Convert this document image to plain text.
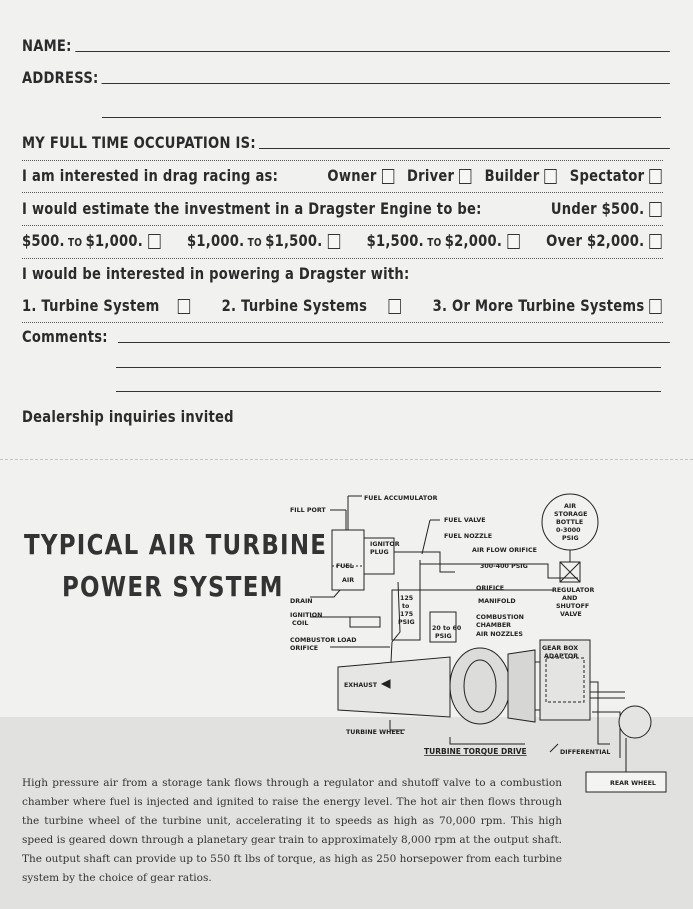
NAME:
ADDRESS:
MY FULL TIME OCCUPATION IS:
I am interested in drag racing as:	Owner	Driver	Builder	Spectator
I would estimate the investment in a Dragster Engine to be:	Under $500.
$500. TO $1,000.	$1,000. TO $1,500.	$1,500. TO $2,000.	Over $2,000.
I would be interested in powering a Dragster with:
1. Turbine System	2. Turbine Systems	3. Or More Turbine Systems
Comments:
Dealership inquiries invited
TYPICAL AIR TURBINE
POWER SYSTEM
FUEL ACCUMULATOR
FILL PORT
FUEL VALVE
FUEL NOZZLE
AIR FLOW ORIFICE
IGNITOR
PLUG
FUEL
AIR
300-400 PSIG
AIR
STORAGE
BOTTLE
0-3000
PSIG
ORIFICE	REGULATOR
AND
SHUTOFF
VALVE
DRAIN	MANIFOLD
IGNITION
COIL
125
to
175
PSIG
COMBUSTION
CHAMBER
20 to 60
PSIG
COMBUSTOR LOAD
ORIFICE
AIR NOZZLES
GEAR BOX
ADAPTOR
EXHAUST
TURBINE WHEEL
TURBINE TORQUE DRIVE	DIFFERENTIAL
REAR WHEEL
High pressure air from a storage tank flows through a regulator and shutoff valve to a combustion chamber where fuel is injected and ignited to raise the energy level. The hot air then flows through the turbine wheel of the turbine unit, accelerating it to speeds as high as 70,000 rpm. This high speed is geared down through a planetary gear train to approximately 8,000 rpm at the output shaft. The output shaft can provide up to 550 ft lbs of torque, as high as 250 horsepower from each turbine system by the choice of gear ratios.
